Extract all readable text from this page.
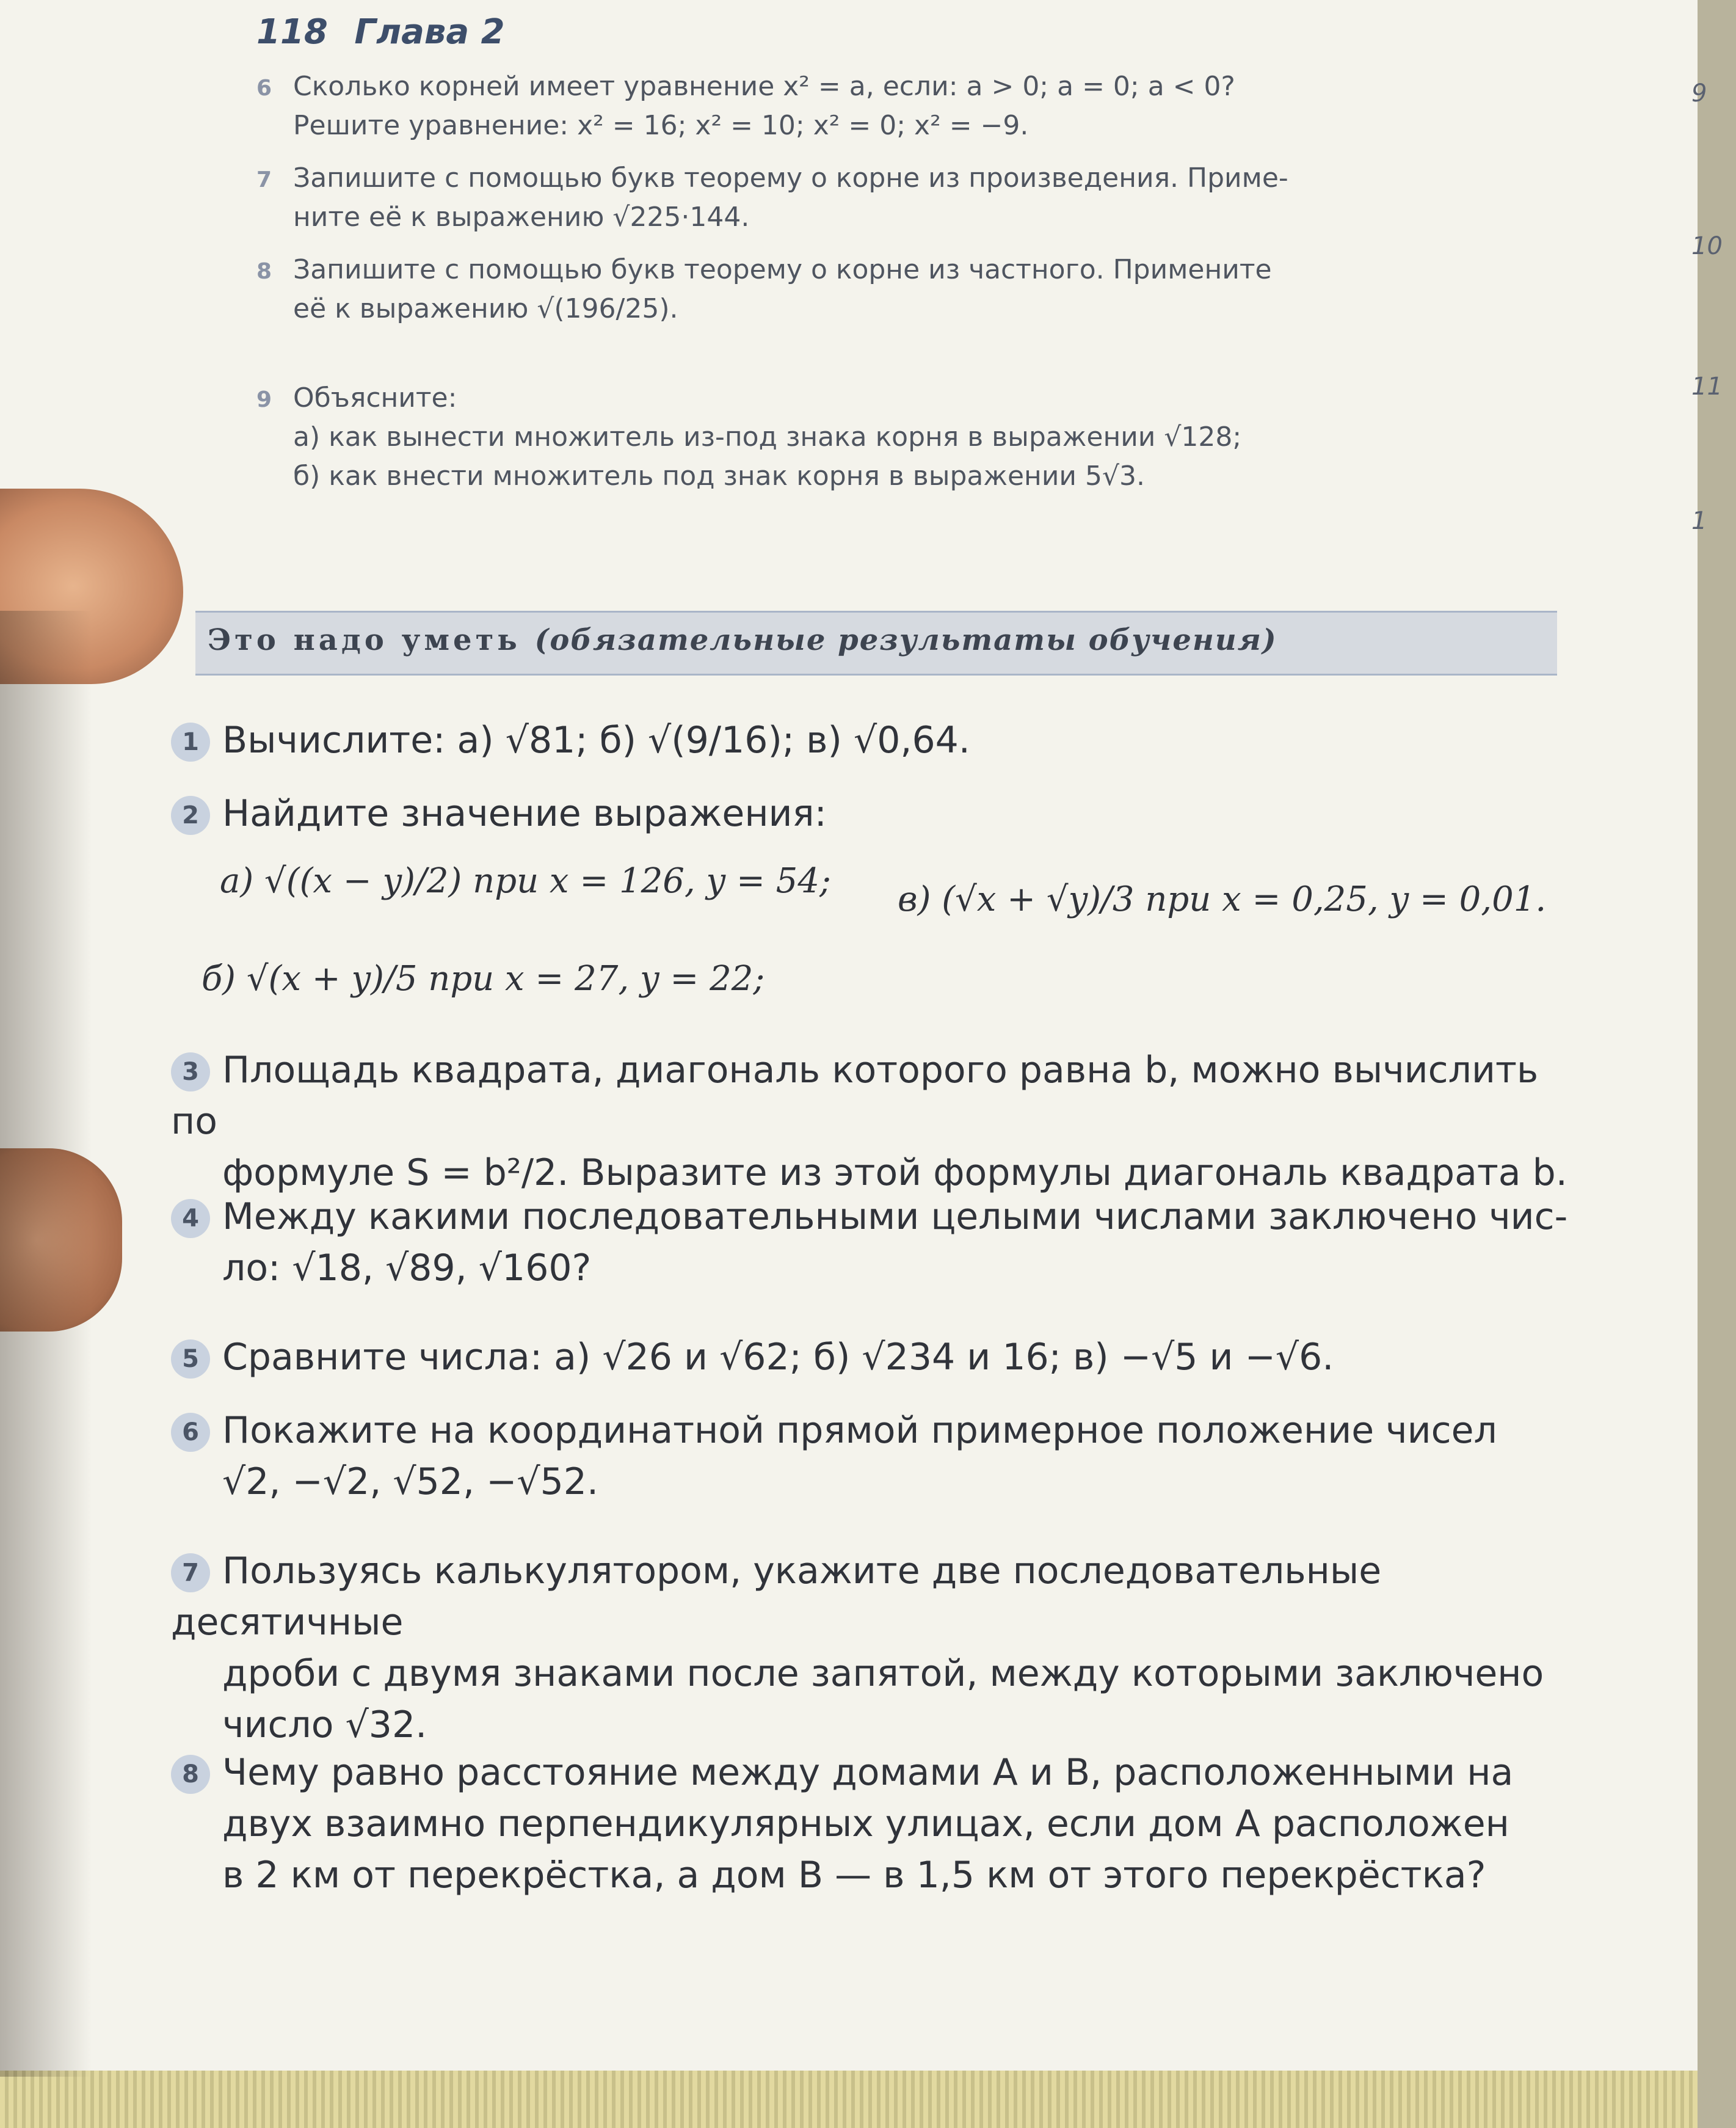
9
10
11
1
118 Глава 2
6 Сколько корней имеет уравнение x² = a, если: a > 0; a = 0; a < 0?
Решите уравнение: x² = 16; x² = 10; x² = 0; x² = −9.
7 Запишите с помощью букв теорему о корне из произведения. Приме-
ните её к выражению √225·144.
8 Запишите с помощью букв теорему о корне из частного. Примените
её к выражению √(196/25).
9 Объясните:
а) как вынести множитель из-под знака корня в выражении √128;
б) как внести множитель под знак корня в выражении 5√3.
Это надо уметь (обязательные результаты обучения)
1 Вычислите: а) √81; б) √(9/16); в) √0,64.
2 Найдите значение выражения:
а) √((x − y)/2) при x = 126, y = 54; в) (√x + √y)/3 при x = 0,25, y = 0,01.
б) √(x + y)/5 при x = 27, y = 22;
3 Площадь квадрата, диагональ которого равна b, можно вычислить по
формуле S = b²/2. Выразите из этой формулы диагональ квадрата b.
4 Между какими последовательными целыми числами заключено чис-
ло: √18, √89, √160?
5 Сравните числа: а) √26 и √62; б) √234 и 16; в) −√5 и −√6.
6 Покажите на координатной прямой примерное положение чисел
√2, −√2, √52, −√52.
7 Пользуясь калькулятором, укажите две последовательные десятичные
дроби с двумя знаками после запятой, между которыми заключено
число √32.
8 Чему равно расстояние между домами A и B, расположенными на
двух взаимно перпендикулярных улицах, если дом A расположен
в 2 км от перекрёстка, а дом B — в 1,5 км от этого перекрёстка?
